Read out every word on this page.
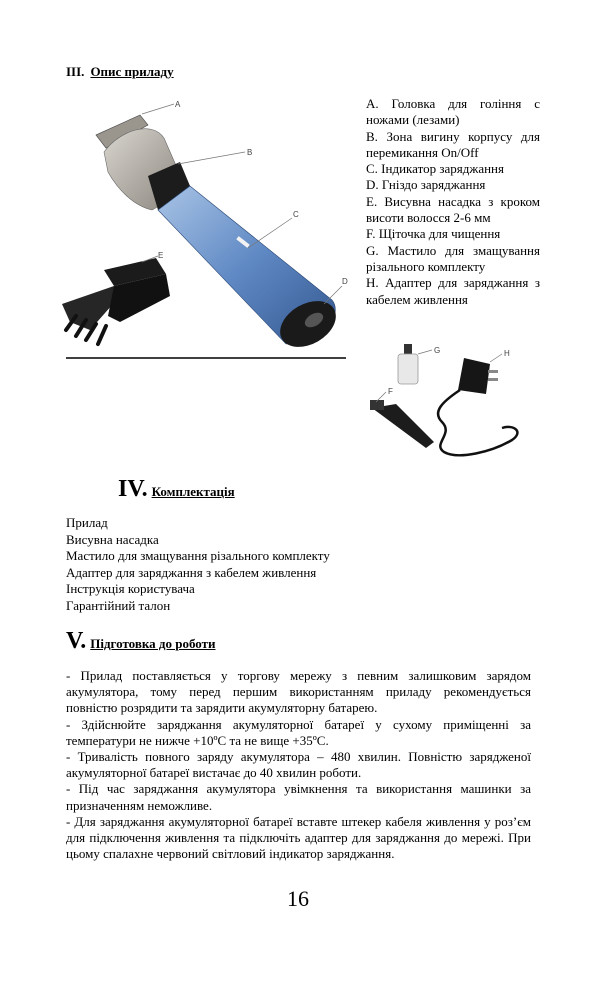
III. Опис приладу
A
B
C
D
E
A. Головка для гоління с ножами (лезами)
B. Зона вигину корпусу для перемикання On/Off
C. Індикатор заряджання
D. Гніздо заряджання
E. Висувна насадка з кроком висоти волосся 2-6 мм
F. Щіточка для чищення
G. Мастило для змащування різального комплекту
H. Адаптер для заряджання з кабелем живлення
G	H
F
IV. Комплектація
Прилад
Висувна насадка
Мастило для змащування різального комплекту
Адаптер для заряджання з кабелем живлення
Інструкція користувача
Гарантійний талон
V. Підготовка до роботи

- Прилад поставляється у торгову мережу з певним залишковим зарядом акумулятора, тому перед першим використанням приладу рекомендується повністю розрядити та зарядити акумуляторну батарею.

- Здійснюйте заряджання акумуляторної батареї у сухому приміщенні за температури не нижче +10ºС та не вище +35ºС.

- Тривалість повного заряду акумулятора – 480 хвилин. Повністю зарядженої акумуляторної батареї вистачає до 40 хвилин роботи.

- Під час заряджання акумулятора увімкнення та використання машинки за призначенням неможливе.

- Для заряджання акумуляторної батареї вставте штекер кабеля живлення у роз’єм для підключення живлення та підключіть адаптер для заряджання до мережі. При цьому спалахне червоний світловий індикатор заряджання.

16
